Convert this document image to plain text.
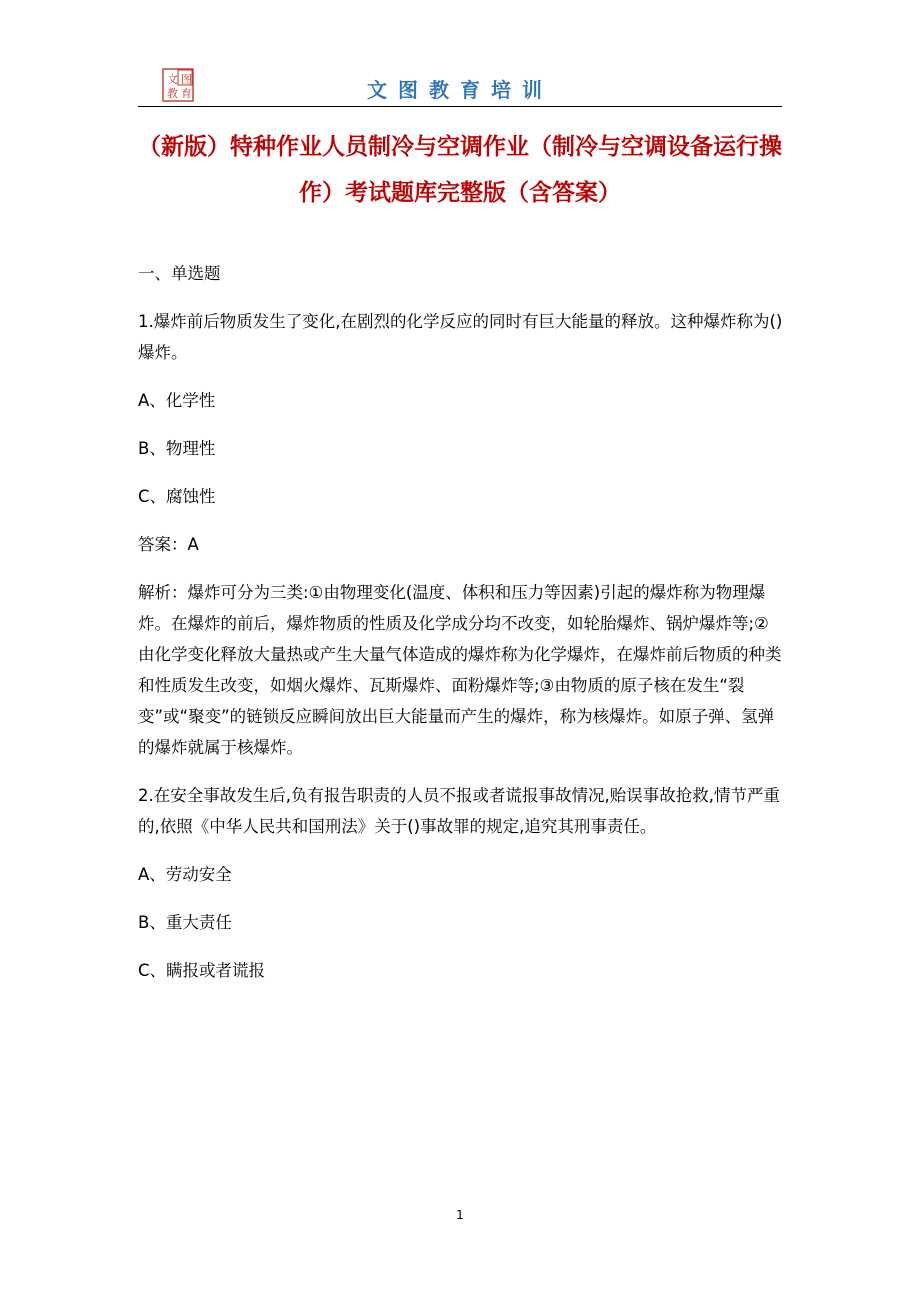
文 图
教 育	文图教育培训
（新版）特种作业人员制冷与空调作业（制冷与空调设备运行操作）考试题库完整版（含答案）

一、单选题

1.爆炸前后物质发生了变化,在剧烈的化学反应的同时有巨大能量的释放。这种爆炸称为()爆炸。

A、化学性

B、物理性

C、腐蚀性

答案：A

解析：爆炸可分为三类:①由物理变化(温度、体积和压力等因素)引起的爆炸称为物理爆炸。在爆炸的前后，爆炸物质的性质及化学成分均不改变，如轮胎爆炸、锅炉爆炸等;②由化学变化释放大量热或产生大量气体造成的爆炸称为化学爆炸，在爆炸前后物质的种类和性质发生改变，如烟火爆炸、瓦斯爆炸、面粉爆炸等;③由物质的原子核在发生“裂变”或“聚变”的链锁反应瞬间放出巨大能量而产生的爆炸，称为核爆炸。如原子弹、氢弹的爆炸就属于核爆炸。

2.在安全事故发生后,负有报告职责的人员不报或者谎报事故情况,贻误事故抢救,情节严重的,依照《中华人民共和国刑法》关于()事故罪的规定,追究其刑事责任。

A、劳动安全

B、重大责任

C、瞒报或者谎报

1
